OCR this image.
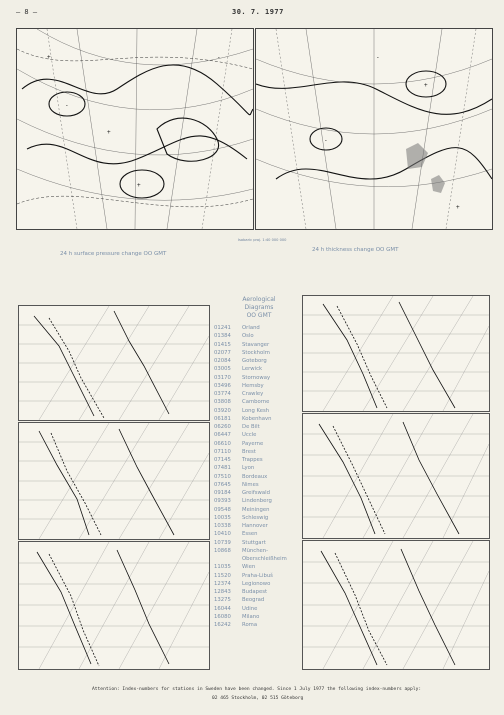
– 8 –	30. 7. 1977
-
+
-
+	-
+
+
-
-
+
Isobaric proj. 1:40 000 000
24 h surface pressure change OO GMT
24 h thickness change OO GMT
Aerological
Diagrams
OO GMT
01241 Orland
01384 Oslo
01415 Stavanger
02077 Stockholm
02084 Goteborg
03005 Lerwick
03170 Stornoway
03496 Hemsby
03774 Crawley
03808 Camborne
03920 Long Kesh
06181 Kobenhavn
06260 De Bilt
06447 Uccle
06610 Payerne
07110 Brest
07145 Trappes
07481 Lyon
07510 Bordeaux
07645 Nimes
09184 Greifswald
09393 Lindenberg
09548 Meiningen
10035 Schleswig
10338 Hannover
10410 Essen
10739 Stuttgart
10868 München-
Oberschleißheim
11035 Wien
11520 Praha-Libuš
12374 Legionowo
12843 Budapest
13275 Beograd
16044 Udine
16080 Milano
16242 Roma
Attention: Index-numbers for stations in Sweden have been changed. Since 1 July 1977 the following index-numbers apply:
02 465 Stockholm, 02 515 Göteborg
